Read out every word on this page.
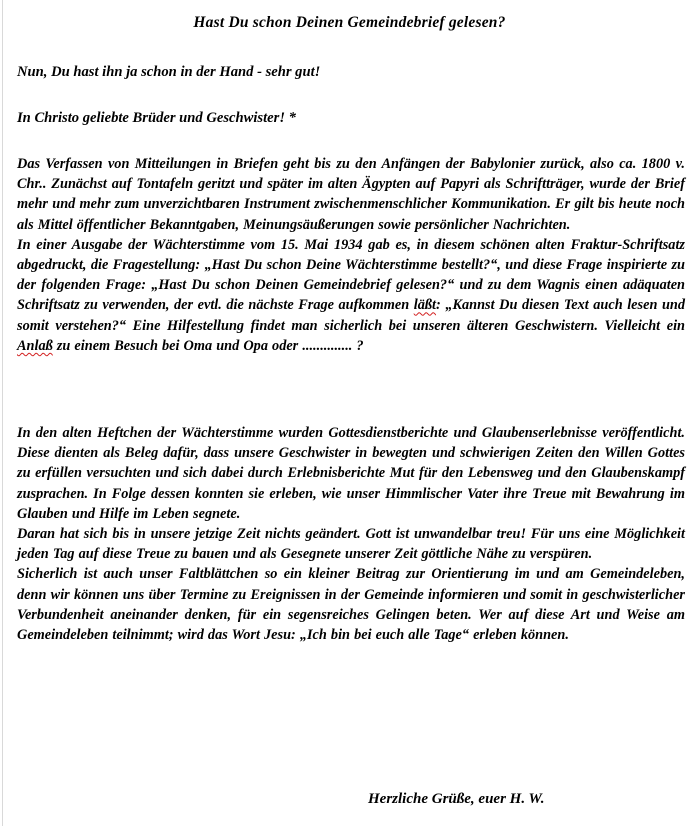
Hast Du schon Deinen Gemeindebrief gelesen?
Nun, Du hast ihn ja schon in der Hand - sehr gut!
In Christo geliebte Brüder und Geschwister! *

Das Verfassen von Mitteilungen in Briefen geht bis zu den Anfängen der Babylonier zurück, also ca. 1800 v. Chr.. Zunächst auf Tontafeln geritzt und später im alten Ägypten auf Papyri als Schriftträger, wurde der Brief mehr und mehr zum unverzichtbaren Instrument zwischenmenschlicher Kommunikation. Er gilt bis heute noch als Mittel öffentlicher Bekanntgaben, Meinungsäußerungen sowie persönlicher Nachrichten.

In einer Ausgabe der Wächterstimme vom 15. Mai 1934 gab es, in diesem schönen alten Fraktur-Schriftsatz abgedruckt, die Fragestellung: „Hast Du schon Deine Wächterstimme bestellt?“, und diese Frage inspirierte zu der folgenden Frage: „Hast Du schon Deinen Gemeindebrief gelesen?“ und zu dem Wagnis einen adäquaten Schriftsatz zu verwenden, der evtl. die nächste Frage aufkommen läßt: „Kannst Du diesen Text auch lesen und somit verstehen?“ Eine Hilfestellung findet man sicherlich bei unseren älteren Geschwistern. Vielleicht ein Anlaß zu einem Besuch bei Oma und Opa oder .............. ?

In den alten Heftchen der Wächterstimme wurden Gottesdienstberichte und Glaubenserlebnisse veröffentlicht. Diese dienten als Beleg dafür, dass unsere Geschwister in bewegten und schwierigen Zeiten den Willen Gottes zu erfüllen versuchten und sich dabei durch Erlebnisberichte Mut für den Lebensweg und den Glaubenskampf zusprachen. In Folge dessen konnten sie erleben, wie unser Himmlischer Vater ihre Treue mit Bewahrung im Glauben und Hilfe im Leben segnete.

Daran hat sich bis in unsere jetzige Zeit nichts geändert. Gott ist unwandelbar treu! Für uns eine Möglichkeit jeden Tag auf diese Treue zu bauen und als Gesegnete unserer Zeit göttliche Nähe zu verspüren.

Sicherlich ist auch unser Faltblättchen so ein kleiner Beitrag zur Orientierung im und am Gemeindeleben, denn wir können uns über Termine zu Ereignissen in der Gemeinde informieren und somit in geschwisterlicher Verbundenheit aneinander denken, für ein segensreiches Gelingen beten. Wer auf diese Art und Weise am Gemeindeleben teilnimmt; wird das Wort Jesu: „Ich bin bei euch alle Tage“ erleben können.

Herzliche Grüße, euer H. W.
